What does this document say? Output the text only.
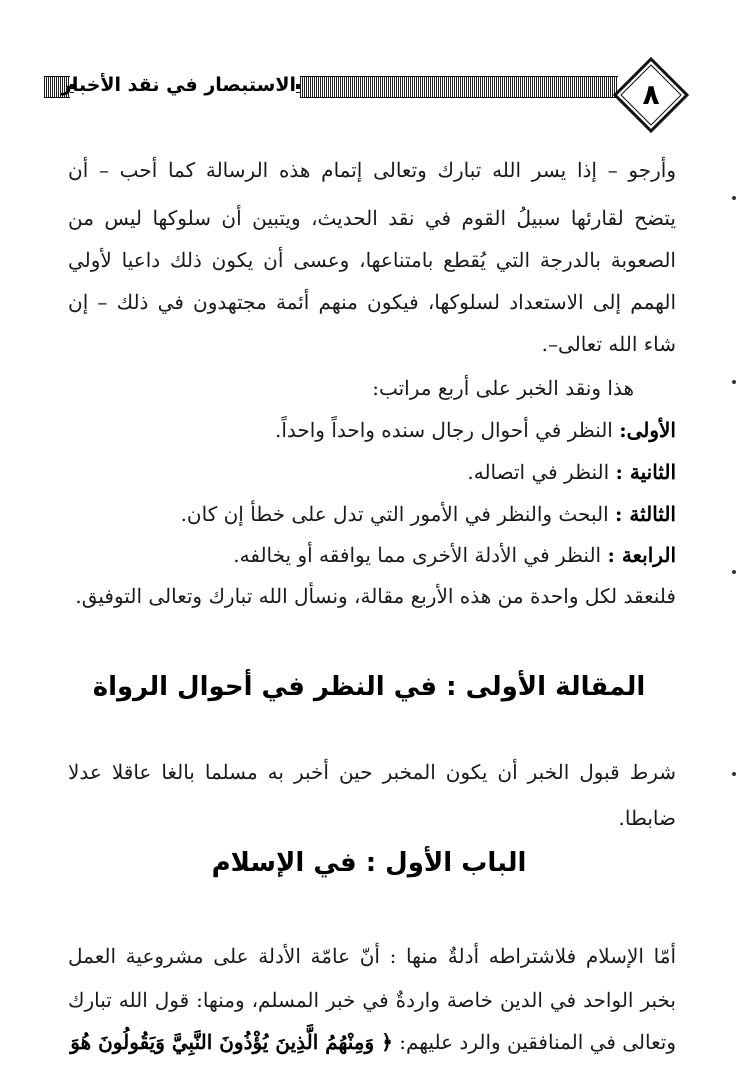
الاستبصار في نقد الأخبار	٨
وأرجو – إذا يسر الله تبارك وتعالى إتمام هذه الرسالة كما أحب – أن
يتضح لقارئها سبيلُ القوم في نقد الحديث، ويتبين أن سلوكها ليس من
الصعوبة بالدرجة التي يُقطع بامتناعها، وعسى أن يكون ذلك داعيا لأولي
الهمم إلى الاستعداد لسلوكها، فيكون منهم أئمة مجتهدون في ذلك – إن
شاء الله تعالى–.
هذا ونقد الخبر على أربع مراتب:
الأولى: النظر في أحوال رجال سنده واحداً واحداً.
الثانية : النظر في اتصاله.
الثالثة : البحث والنظر في الأمور التي تدل على خطأ إن كان.
الرابعة : النظر في الأدلة الأخرى مما يوافقه أو يخالفه.
فلنعقد لكل واحدة من هذه الأربع مقالة، ونسأل الله تبارك وتعالى التوفيق.
المقالة الأولى : في النظر في أحوال الرواة
شرط قبول الخبر أن يكون المخبر حين أخبر به مسلما بالغا عاقلا عدلا
ضابطا.
الباب الأول : في الإسلام
أمّا الإسلام فلاشتراطه أدلةٌ منها : أنّ عامّة الأدلة على مشروعية العمل
بخبر الواحد في الدين خاصة واردةٌ في خبر المسلم، ومنها: قول الله تبارك
وتعالى في المنافقين والرد عليهم: ﴿ وَمِنْهُمُ الَّذِينَ يُؤْذُونَ النَّبِيَّ وَيَقُولُونَ هُوَ
